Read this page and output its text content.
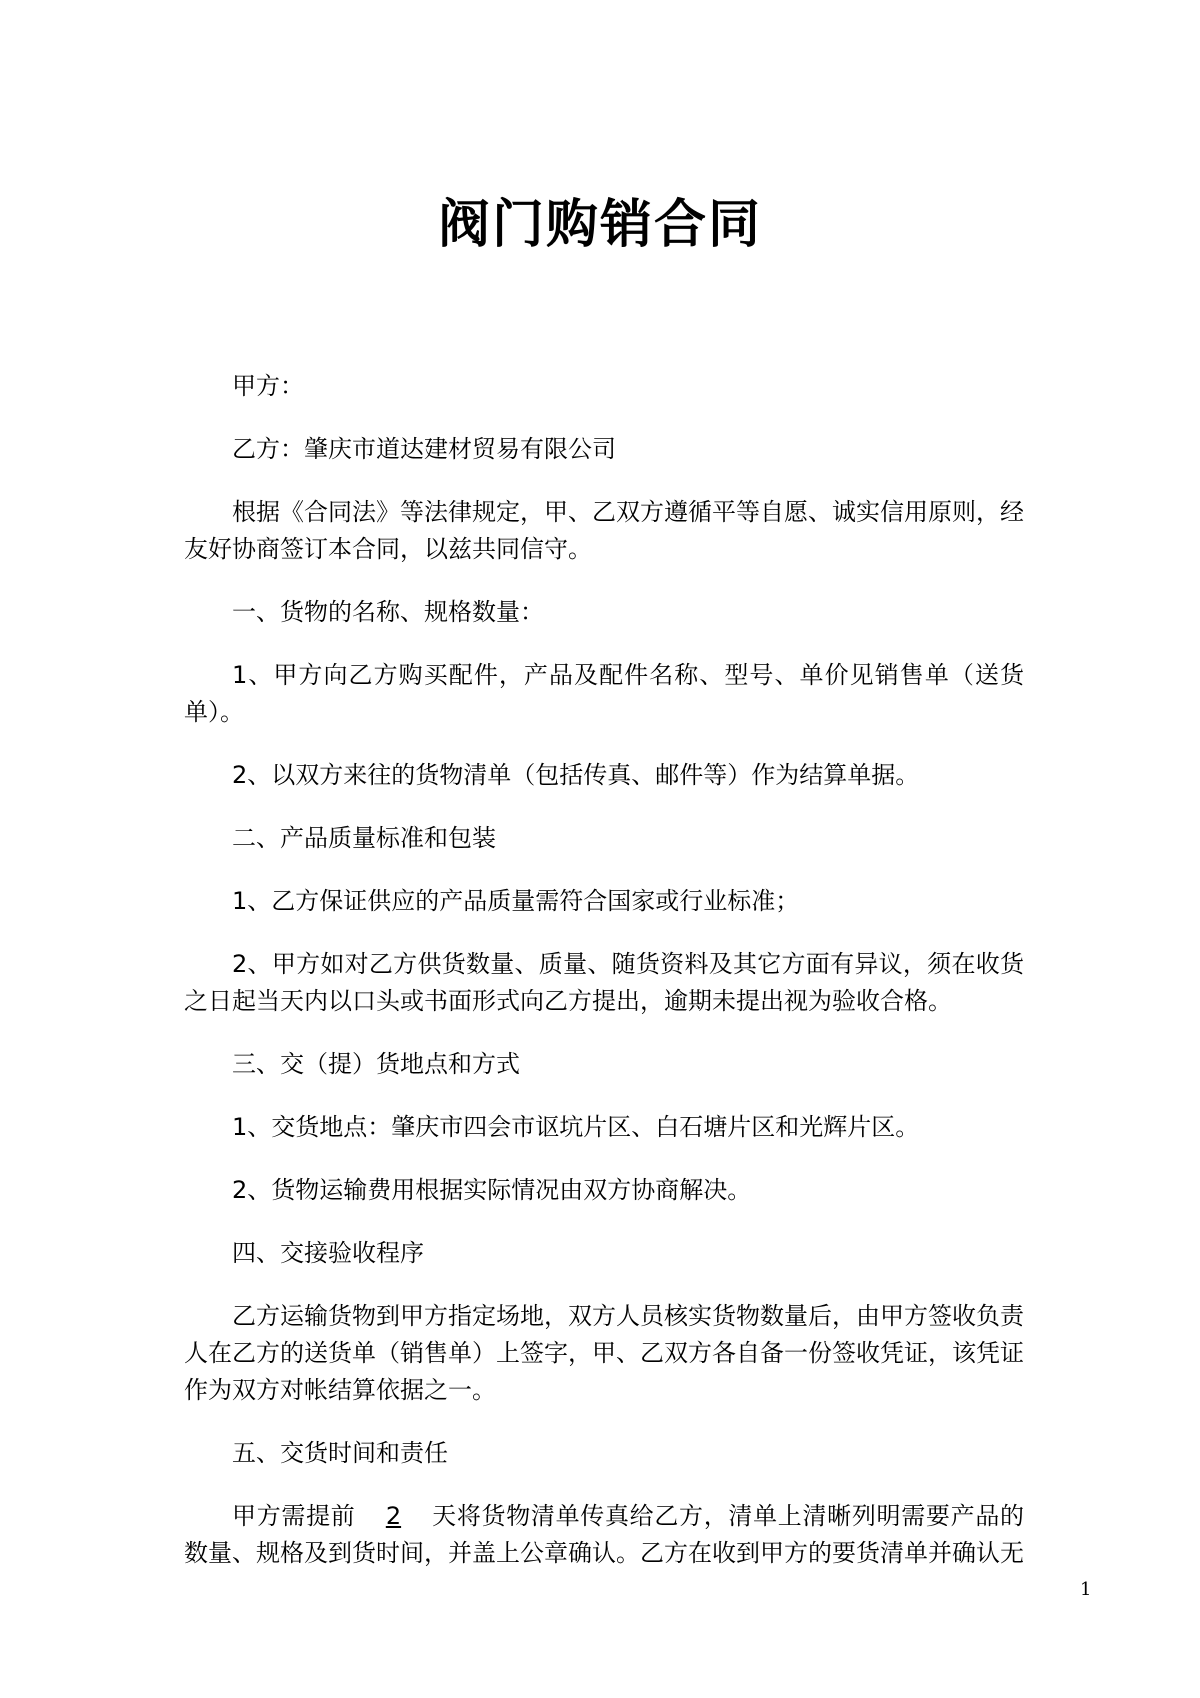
阀门购销合同

甲方：

乙方：肇庆市道达建材贸易有限公司

根据《合同法》等法律规定，甲、乙双方遵循平等自愿、诚实信用原则，经友好协商签订本合同，以兹共同信守。

一、货物的名称、规格数量：

1、甲方向乙方购买配件，产品及配件名称、型号、单价见销售单（送货单）。

2、以双方来往的货物清单（包括传真、邮件等）作为结算单据。

二、产品质量标准和包装

1、乙方保证供应的产品质量需符合国家或行业标准；

2、甲方如对乙方供货数量、质量、随货资料及其它方面有异议，须在收货之日起当天内以口头或书面形式向乙方提出，逾期未提出视为验收合格。

三、交（提）货地点和方式

1、交货地点：肇庆市四会市讴坑片区、白石塘片区和光辉片区。

2、货物运输费用根据实际情况由双方协商解决。

四、交接验收程序

乙方运输货物到甲方指定场地，双方人员核实货物数量后，由甲方签收负责人在乙方的送货单（销售单）上签字，甲、乙双方各自备一份签收凭证，该凭证作为双方对帐结算依据之一。

五、交货时间和责任

甲方需提前 2 天将货物清单传真给乙方，清单上清晰列明需要产品的数量、规格及到货时间，并盖上公章确认。乙方在收到甲方的要货清单并确认无

1
